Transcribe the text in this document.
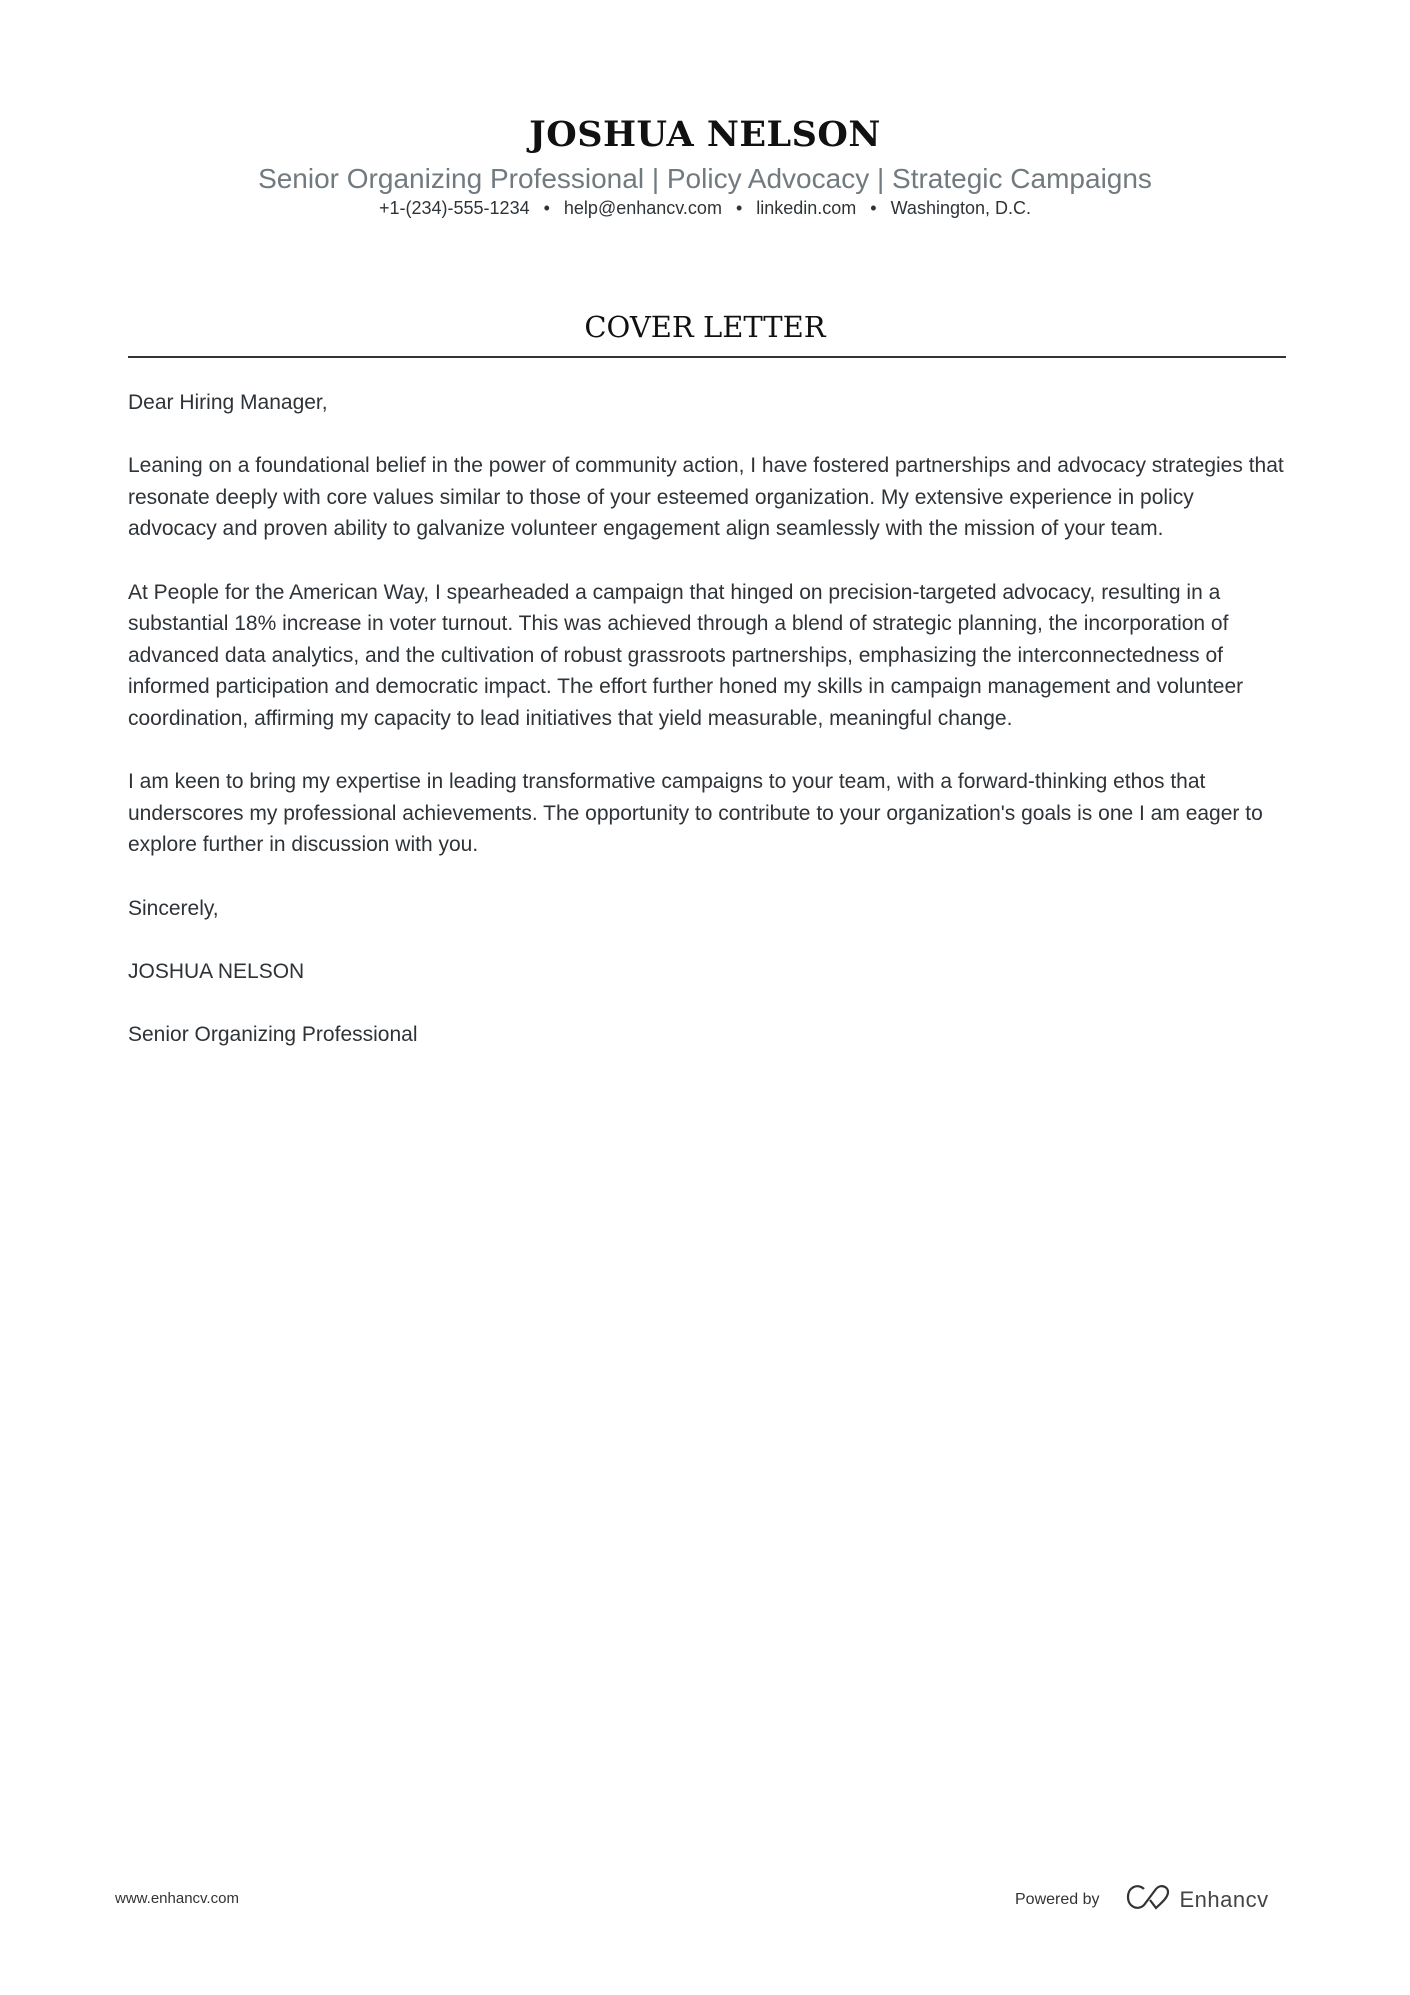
JOSHUA NELSON
Senior Organizing Professional | Policy Advocacy | Strategic Campaigns
+1-(234)-555-1234 • help@enhancv.com • linkedin.com • Washington, D.C.
COVER LETTER

Dear Hiring Manager,

Leaning on a foundational belief in the power of community action, I have fostered partnerships and advocacy strategies that resonate deeply with core values similar to those of your esteemed organization. My extensive experience in policy advocacy and proven ability to galvanize volunteer engagement align seamlessly with the mission of your team.

At People for the American Way, I spearheaded a campaign that hinged on precision-targeted advocacy, resulting in a substantial 18% increase in voter turnout. This was achieved through a blend of strategic planning, the incorporation of advanced data analytics, and the cultivation of robust grassroots partnerships, emphasizing the interconnectedness of informed participation and democratic impact. The effort further honed my skills in campaign management and volunteer coordination, affirming my capacity to lead initiatives that yield measurable, meaningful change.

I am keen to bring my expertise in leading transformative campaigns to your team, with a forward-thinking ethos that underscores my professional achievements. The opportunity to contribute to your organization's goals is one I am eager to explore further in discussion with you.

Sincerely,

JOSHUA NELSON

Senior Organizing Professional

www.enhancv.com	Powered by	Enhancv
